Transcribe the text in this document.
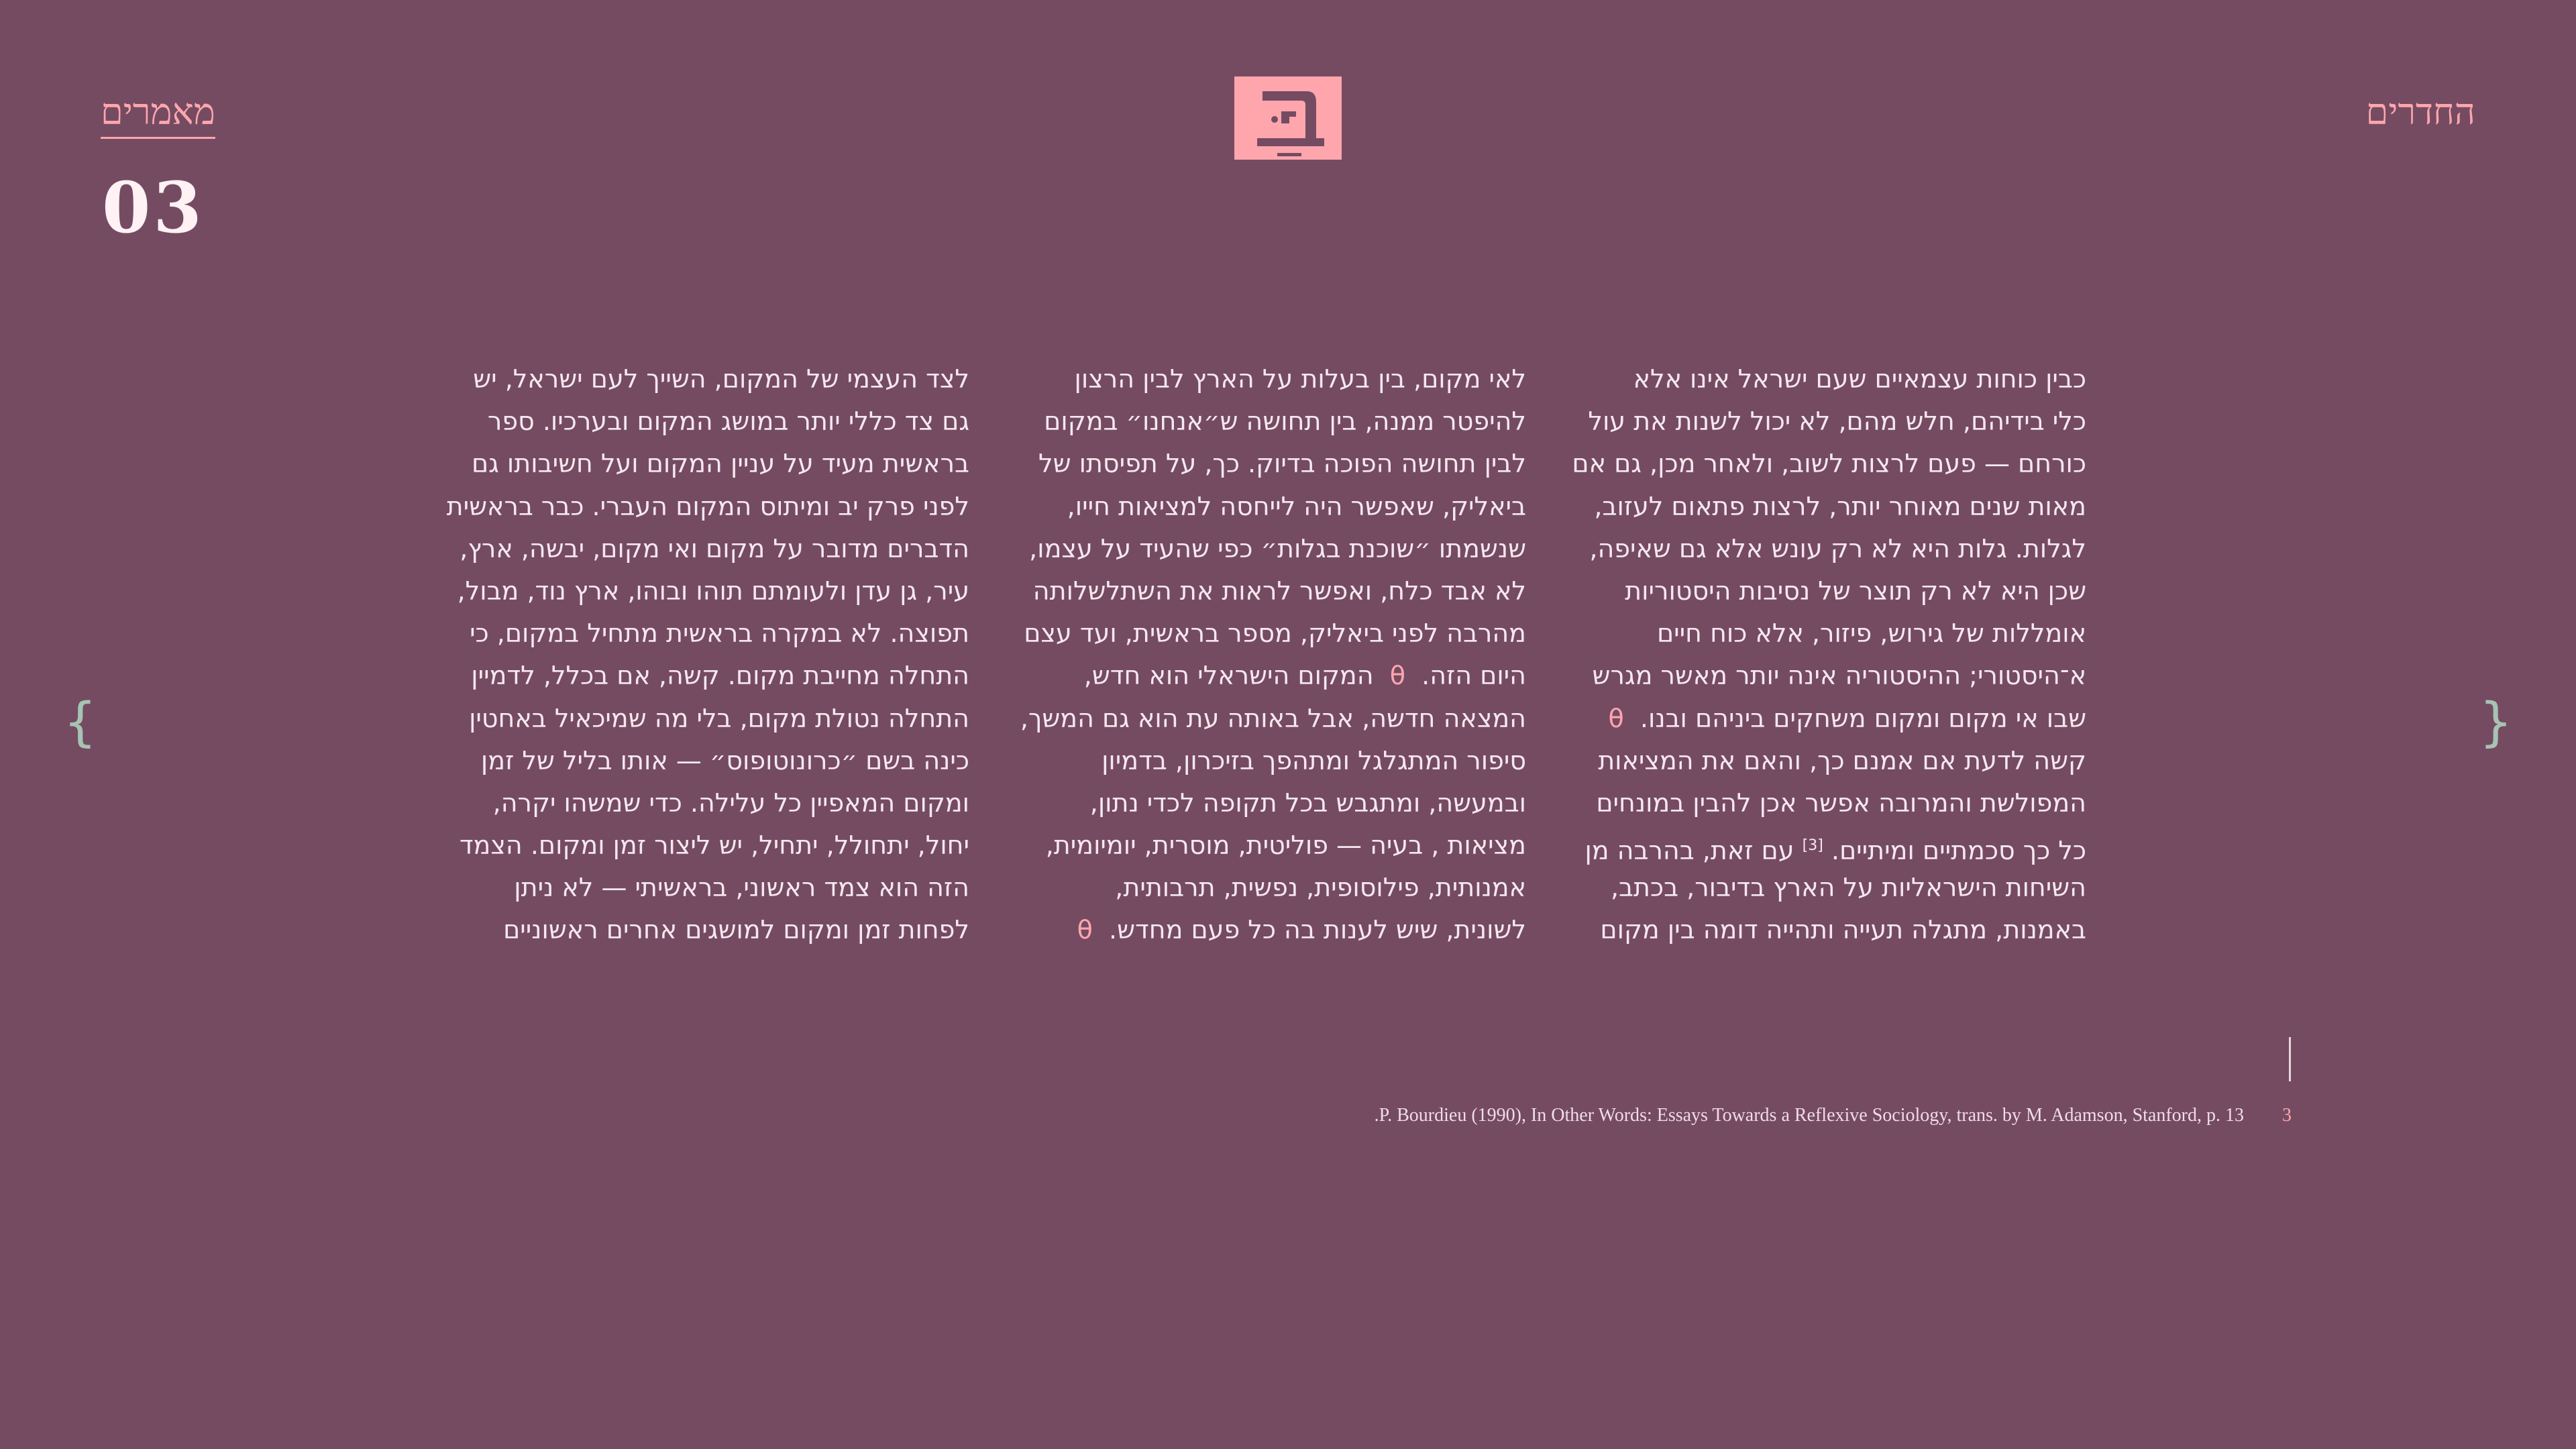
מאמרים	החדרים
03
{	}
כבין כוחות עצמאיים שעם ישראל אינו אלא
כלי בידיהם, חלש מהם, לא יכול לשנות את עול
כורחם — פעם לרצות לשוב, ולאחר מכן, גם אם
מאות שנים מאוחר יותר, לרצות פתאום לעזוב,
לגלות. גלות היא לא רק עונש אלא גם שאיפה,
שכן היא לא רק תוצר של נסיבות היסטוריות
אומללות של גירוש, פיזור, אלא כוח חיים
א־היסטורי; ההיסטוריה אינה יותר מאשר מגרש
שבו אי מקום ומקום משחקים ביניהם ובנו.  θ
קשה לדעת אם אמנם כך, והאם את המציאות
המפולשת והמרובה אפשר אכן להבין במונחים
כל כך סכמתיים ומיתיים. [3] עם זאת, בהרבה מן
השיחות הישראליות על הארץ בדיבור, בכתב,
באמנות, מתגלה תעייה ותהייה דומה בין מקום
לאי מקום, בין בעלות על הארץ לבין הרצון
להיפטר ממנה, בין תחושה ש״אנחנו״ במקום
לבין תחושה הפוכה בדיוק. כך, על תפיסתו של
ביאליק, שאפשר היה לייחסה למציאות חייו,
שנשמתו ״שוכנת בגלות״ כפי שהעיד על עצמו,
לא אבד כלח, ואפשר לראות את השתלשלותה
מהרבה לפני ביאליק, מספר בראשית, ועד עצם
היום הזה.  θ  המקום הישראלי הוא חדש,
המצאה חדשה, אבל באותה עת הוא גם המשך,
סיפור המתגלגל ומתהפך בזיכרון, בדמיון
ובמעשה, ומתגבש בכל תקופה לכדי נתון,
מציאות , בעיה — פוליטית, מוסרית, יומיומית,
אמנותית, פילוסופית, נפשית, תרבותית,
לשונית, שיש לענות בה כל פעם מחדש.  θ
לצד העצמי של המקום, השייך לעם ישראל, יש
גם צד כללי יותר במושג המקום ובערכיו. ספר
בראשית מעיד על עניין המקום ועל חשיבותו גם
לפני פרק יב ומיתוס המקום העברי. כבר בראשית
הדברים מדובר על מקום ואי מקום, יבשה, ארץ,
עיר, גן עדן ולעומתם תוהו ובוהו, ארץ נוד, מבול,
תפוצה. לא במקרה בראשית מתחיל במקום, כי
התחלה מחייבת מקום. קשה, אם בכלל, לדמיין
התחלה נטולת מקום, בלי מה שמיכאיל באחטין
כינה בשם ״כרונוטופוס״ — אותו בליל של זמן
ומקום המאפיין כל עלילה. כדי שמשהו יקרה,
יחול, יתחולל, יתחיל, יש ליצור זמן ומקום. הצמד
הזה הוא צמד ראשוני, בראשיתי — לא ניתן
לפחות זמן ומקום למושגים אחרים ראשוניים
.P. Bourdieu (1990), In Other Words: Essays Towards a Reflexive Sociology, trans. by M. Adamson, Stanford, p. 13 3
